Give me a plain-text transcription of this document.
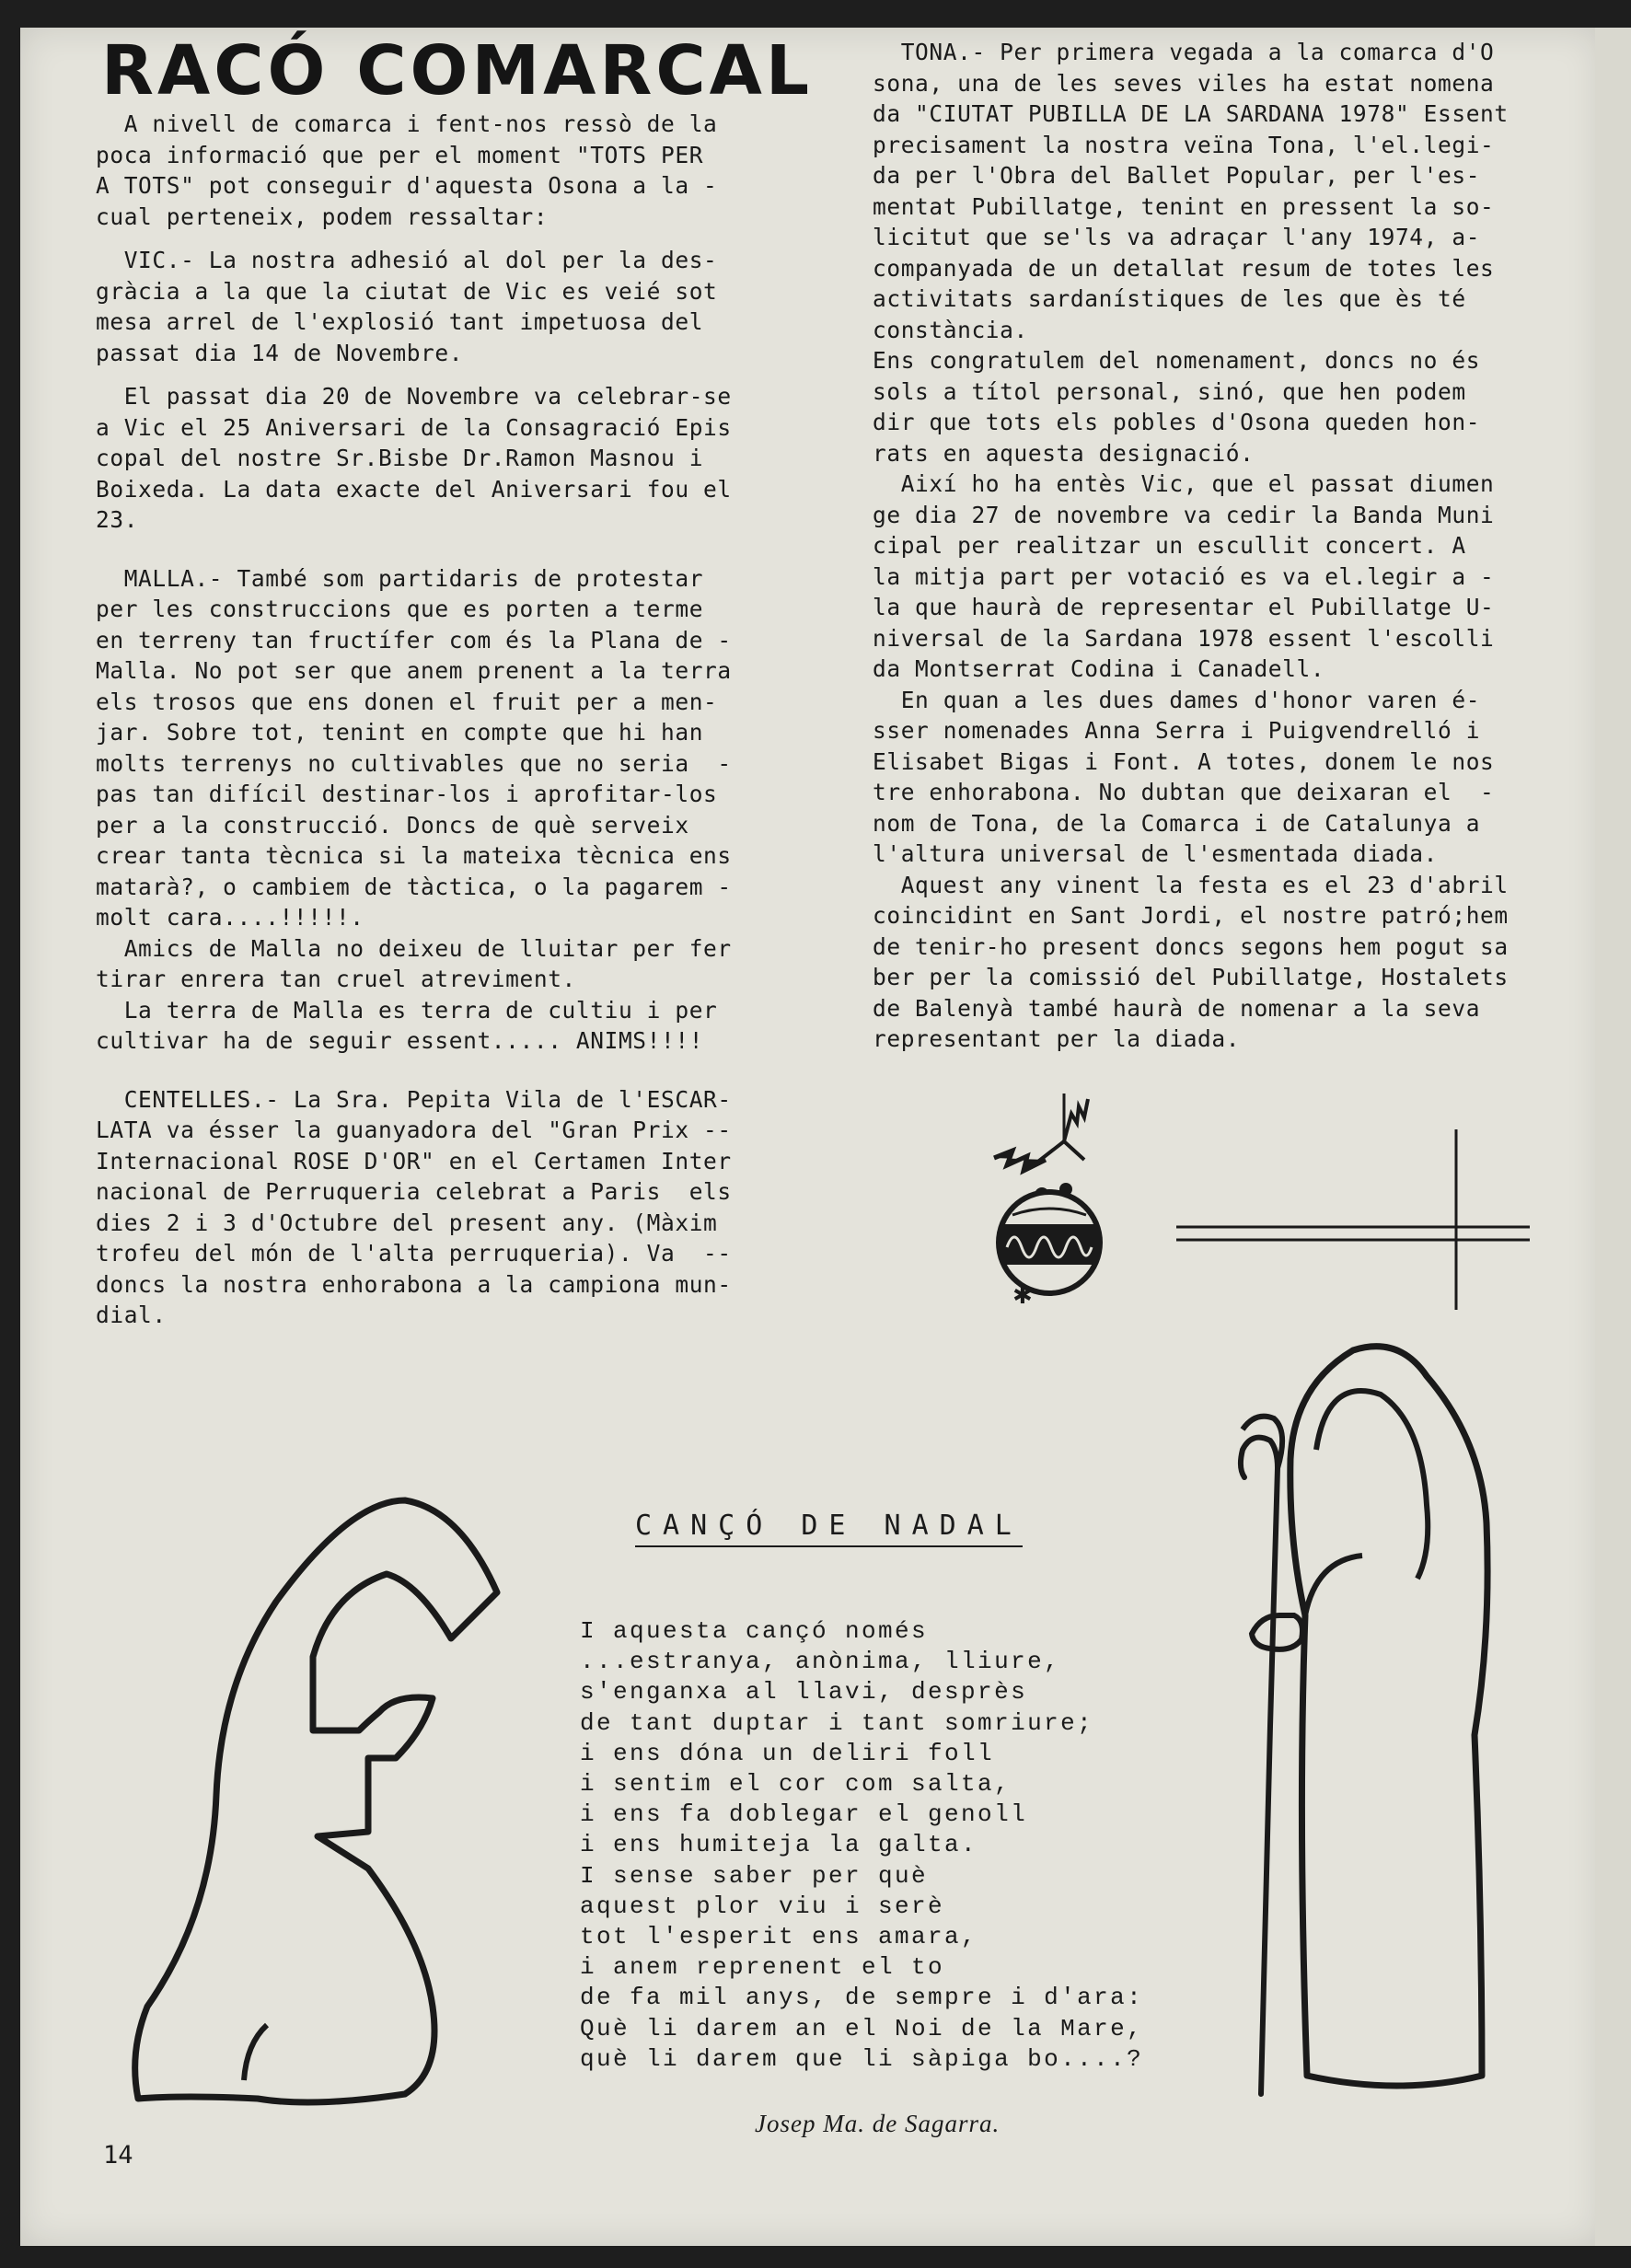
RACÓ COMARCAL

A nivell de comarca i fent-nos ressò de la

poca informació que per el moment "TOTS PER

A TOTS" pot conseguir d'aquesta Osona a la -

cual perteneix, podem ressaltar:

VIC.- La nostra adhesió al dol per la des-

gràcia a la que la ciutat de Vic es veié sot

mesa arrel de l'explosió tant impetuosa del

passat dia 14 de Novembre.

El passat dia 20 de Novembre va celebrar-se

a Vic el 25 Aniversari de la Consagració Epis

copal del nostre Sr.Bisbe Dr.Ramon Masnou i

Boixeda. La data exacte del Aniversari fou el

23.

MALLA.- També som partidaris de protestar

per les construccions que es porten a terme

en terreny tan fructífer com és la Plana de -

Malla. No pot ser que anem prenent a la terra

els trosos que ens donen el fruit per a men-

jar. Sobre tot, tenint en compte que hi han

molts terrenys no cultivables que no seria  -

pas tan difícil destinar-los i aprofitar-los

per a la construcció. Doncs de què serveix

crear tanta tècnica si la mateixa tècnica ens

matarà?, o cambiem de tàctica, o la pagarem -

molt cara....!!!!!.

Amics de Malla no deixeu de lluitar per fer

tirar enrera tan cruel atreviment.

La terra de Malla es terra de cultiu i per

cultivar ha de seguir essent..... ANIMS!!!!

CENTELLES.- La Sra. Pepita Vila de l'ESCAR-

LATA va ésser la guanyadora del "Gran Prix --

Internacional ROSE D'OR" en el Certamen Inter

nacional de Perruqueria celebrat a Paris  els

dies 2 i 3 d'Octubre del present any. (Màxim

trofeu del món de l'alta perruqueria). Va  --

doncs la nostra enhorabona a la campiona mun-

dial.

TONA.- Per primera vegada a la comarca d'O

sona, una de les seves viles ha estat nomena

da "CIUTAT PUBILLA DE LA SARDANA 1978" Essent

precisament la nostra veïna Tona, l'el.legi-

da per l'Obra del Ballet Popular, per l'es-

mentat Pubillatge, tenint en pressent la so-

licitut que se'ls va adraçar l'any 1974, a-

companyada de un detallat resum de totes les

activitats sardanístiques de les que ès té

constància.

Ens congratulem del nomenament, doncs no és

sols a títol personal, sinó, que hen podem

dir que tots els pobles d'Osona queden hon-

rats en aquesta designació.

Així ho ha entès Vic, que el passat diumen

ge dia 27 de novembre va cedir la Banda Muni

cipal per realitzar un escullit concert. A

la mitja part per votació es va el.legir a -

la que haurà de representar el Pubillatge U-

niversal de la Sardana 1978 essent l'escolli

da Montserrat Codina i Canadell.

En quan a les dues dames d'honor varen é-

sser nomenades Anna Serra i Puigvendrelló i

Elisabet Bigas i Font. A totes, donem le nos

tre enhorabona. No dubtan que deixaran el  -

nom de Tona, de la Comarca i de Catalunya a

l'altura universal de l'esmentada diada.

Aquest any vinent la festa es el 23 d'abril

coincidint en Sant Jordi, el nostre patró;hem

de tenir-ho present doncs segons hem pogut sa

ber per la comissió del Pubillatge, Hostalets

de Balenyà també haurà de nomenar a la seva

representant per la diada.

✱
CANÇÓ DE NADAL

I aquesta cançó només

...estranya, anònima, lliure,

s'enganxa al llavi, desprès

de tant duptar i tant somriure;

i ens dóna un deliri foll

i sentim el cor com salta,

i ens fa doblegar el genoll

i ens humiteja la galta.

I sense saber per què

aquest plor viu i serè

tot l'esperit ens amara,

i anem reprenent el to

de fa mil anys, de sempre i d'ara:

Què li darem an el Noi de la Mare,

què li darem que li sàpiga bo....?

Josep Ma. de Sagarra.
14
